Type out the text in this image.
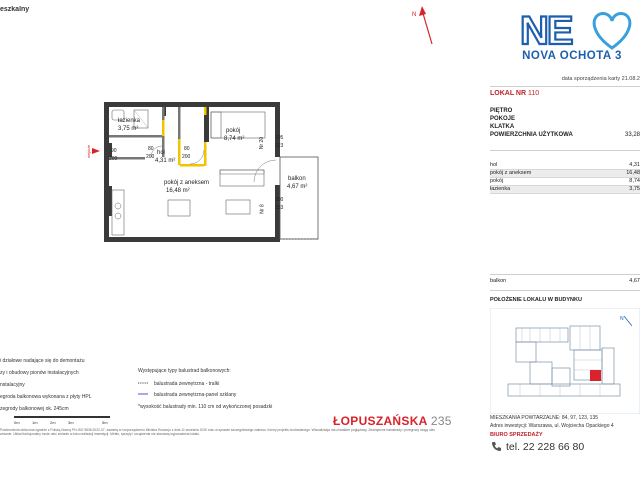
eszkalny
N	NE
NOVA OCHOTA 3
data sporządzenia karty 21.08.2
LOKAL NR 110
PIĘTRO
POKOJE
KLATKA
POWIERZCHNIA UŻYTKOWA	33,28
hol	4,31
pokój z aneksem	16,48
pokój	8,74
łazienka	3,75
balkon	4,67
POŁOŻENIE LOKALU W BUDYNKU
N
MIESZKANIA POWTARZALNE: 84, 97, 123, 135
Adres inwestycji: Warszawa, ul. Wojciecha Opackiego 4
BIURO SPRZEDAŻY
tel. 22 228 66 80
łazienka
3,75 m²	pokój
8,74 m²
hol
4,31 m²
pokój z aneksem
16,48 m²
balkon
4,67 m²
90
200
80
200
80
200
105
223
200
253
Nr 20
Nr 8
wejście
i działowe nadające się do demontażu
zy i obudowy pionów instalacyjnych
nstalacyjny
egroda balkonowa wykonana z płyty HPL
zegrody balkonowej ok. 245cm
0m	1m	2m	3m	5m
Występujące typy balustrad balkonowych:
balustrada zewnętrzna - tralki
balustrada zewnętrzna-panel szklany
*wysokość balustrady min. 110 cm od wykończonej posadzki
ŁOPUSZAŃSKA 235
Powierzchnia obliczona zgodnie z Polską Normą PN-ISO 9836:2022-07, zawartą w rozporządzeniu Ministra Rozwoju z dnia 11 września 2020 roku w sprawie szczegółowego zakresu i formy projektu budowlanego. Wizualizacja ma charakter poglądowy. Zewnętrzne balustrady i przegrody mogą ulec zmianie. Układ funkcjonalny może ulec zmianie w toku realizacji inwestycji. Meble, sprzęty i urządzenia nie stanowią wyposażenia lokalu.
